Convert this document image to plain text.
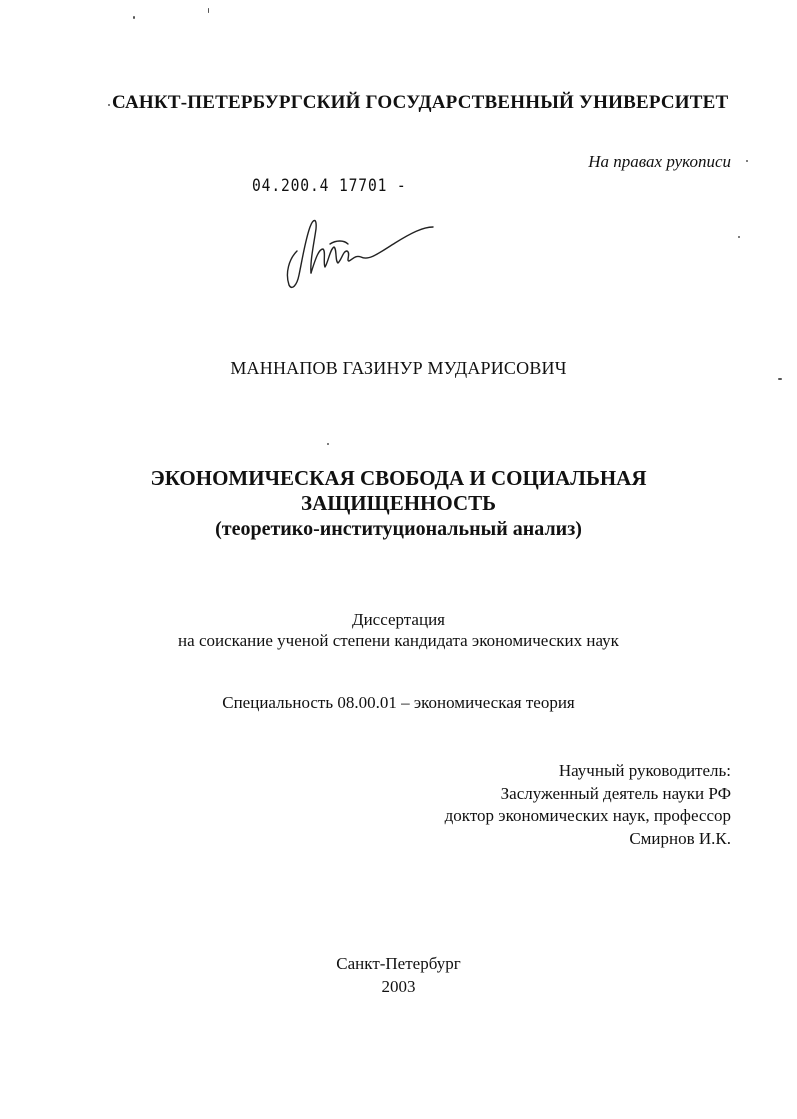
САНКТ-ПЕТЕРБУРГСКИЙ ГОСУДАРСТВЕННЫЙ УНИВЕРСИТЕТ
На правах рукописи
04.200.4 17701 -
МАННАПОВ ГАЗИНУР МУДАРИСОВИЧ
ЭКОНОМИЧЕСКАЯ СВОБОДА И СОЦИАЛЬНАЯ
ЗАЩИЩЕННОСТЬ
(теоретико-институциональный анализ)
Диссертация
на соискание ученой степени кандидата экономических наук
Специальность 08.00.01 – экономическая теория
Научный руководитель:
Заслуженный деятель науки РФ
доктор экономических наук, профессор
Смирнов И.К.
Санкт-Петербург
2003
